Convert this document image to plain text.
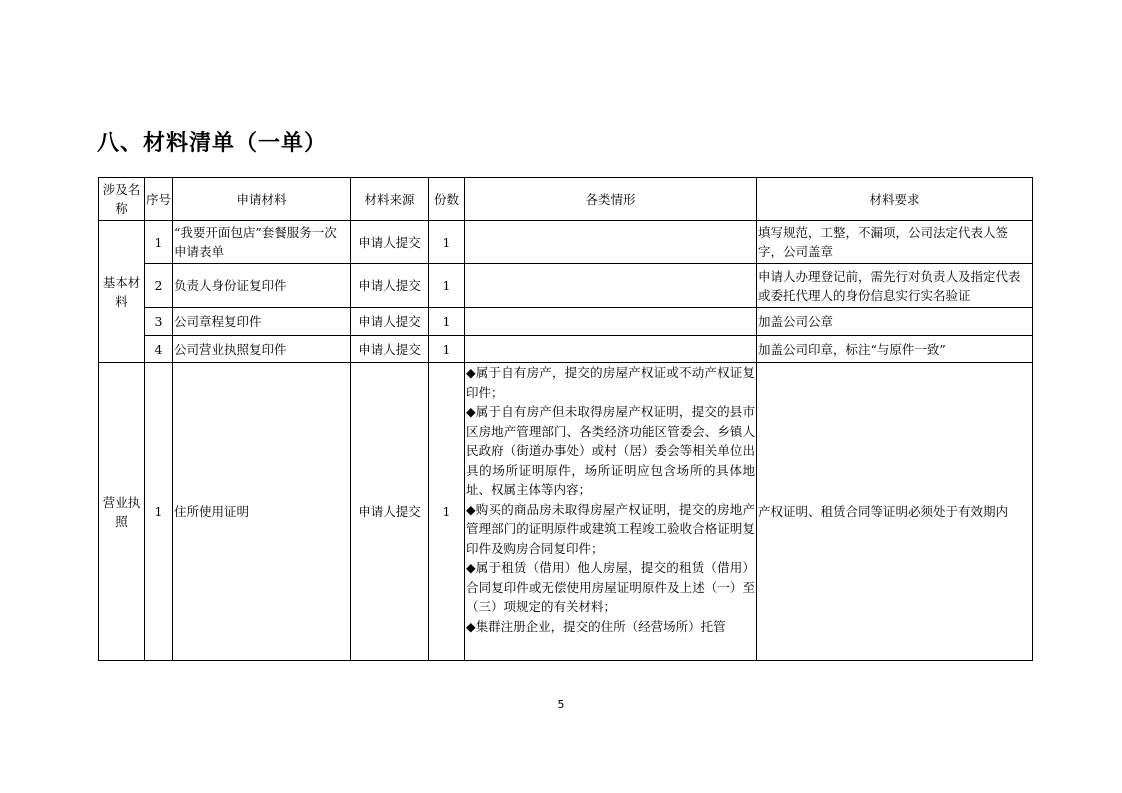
八、材料清单（一单）
涉及名称	序号	申请材料	材料来源	份数	各类情形	材料要求
基本材料	1	“我要开面包店”套餐服务一次申请表单	申请人提交	1		填写规范，工整，不漏项，公司法定代表人签字，公司盖章
	2	负责人身份证复印件	申请人提交	1		申请人办理登记前，需先行对负责人及指定代表或委托代理人的身份信息实行实名验证
	3	公司章程复印件	申请人提交	1		加盖公司公章
	4	公司营业执照复印件	申请人提交	1		加盖公司印章，标注“与原件一致”
营业执照	1	住所使用证明	申请人提交	1	◆属于自有房产，提交的房屋产权证或不动产权证复印件；
◆属于自有房产但未取得房屋产权证明，提交的县市区房地产管理部门、各类经济功能区管委会、乡镇人民政府（街道办事处）或村（居）委会等相关单位出具的场所证明原件，场所证明应包含场所的具体地址、权属主体等内容；
◆购买的商品房未取得房屋产权证明，提交的房地产管理部门的证明原件或建筑工程竣工验收合格证明复印件及购房合同复印件；
◆属于租赁（借用）他人房屋，提交的租赁（借用）合同复印件或无偿使用房屋证明原件及上述（一）至（三）项规定的有关材料；
◆集群注册企业，提交的住所（经营场所）托管	产权证明、租赁合同等证明必须处于有效期内
5
